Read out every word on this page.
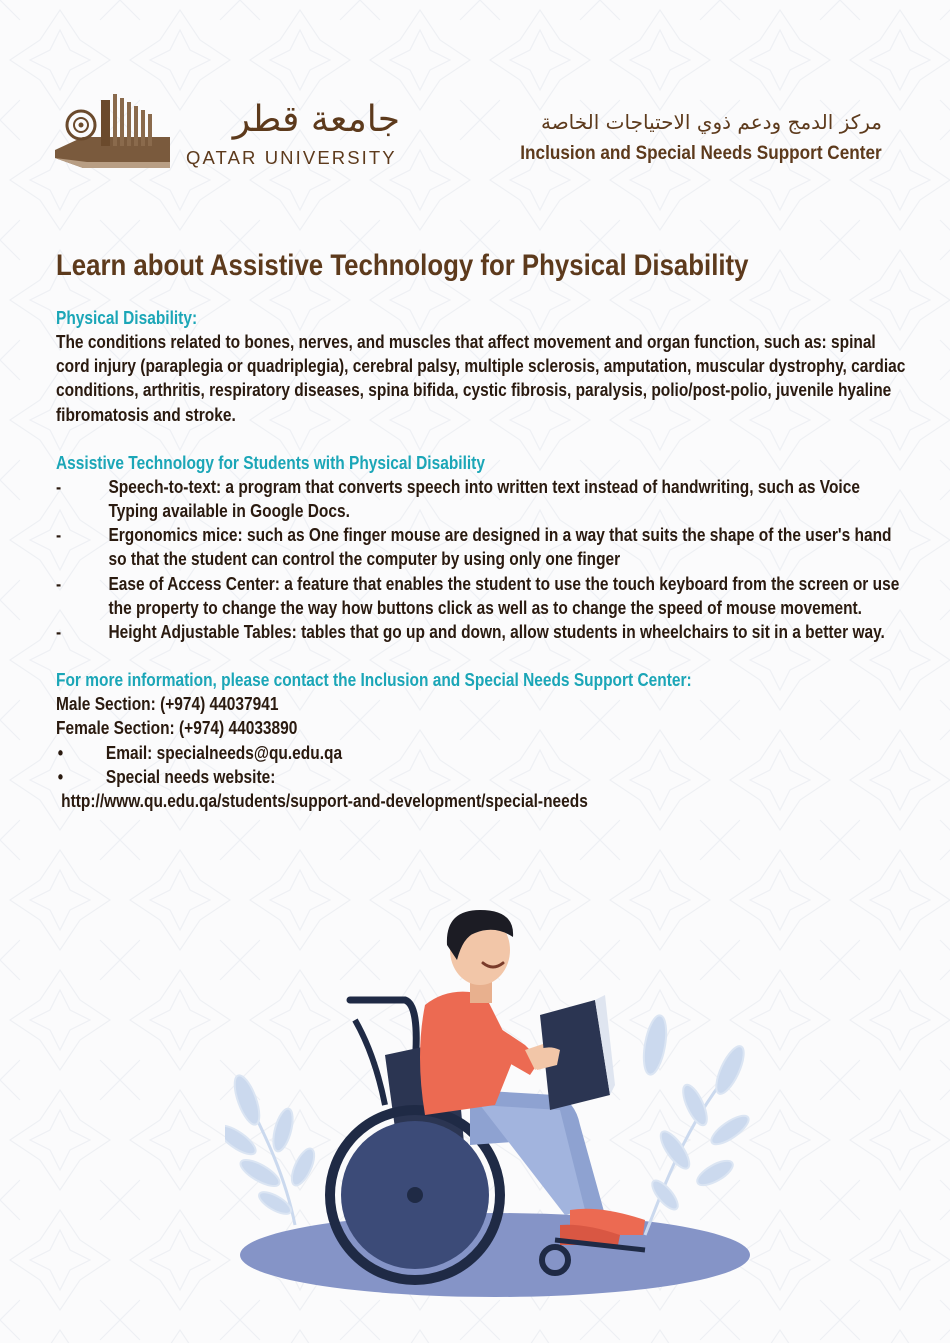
جامعة قطر
QATAR UNIVERSITY
مركز الدمج ودعم ذوي الاحتياجات الخاصة
Inclusion and Special Needs Support Center
Learn about Assistive Technology for Physical Disability
Physical Disability:
The conditions related to bones, nerves, and muscles that affect movement and organ function, such as: spinal cord injury (paraplegia or quadriplegia), cerebral palsy, multiple sclerosis, amputation, muscular dystrophy, cardiac conditions, arthritis, respiratory diseases, spina bifida, cystic fibrosis, paralysis, polio/post-polio, juvenile hyaline fibromatosis and stroke.
Assistive Technology for Students with Physical Disability
-	Speech-to-text: a program that converts speech into written text instead of handwriting, such as Voice Typing available in Google Docs.
-	Ergonomics mice: such as One finger mouse are designed in a way that suits the shape of the user's hand so that the student can control the computer by using only one finger
-	Ease of Access Center: a feature that enables the student to use the touch keyboard from the screen or use the property to change the way how buttons click as well as to change the speed of mouse movement.
-	Height Adjustable Tables: tables that go up and down, allow students in wheelchairs to sit in a better way.
For more information, please contact the Inclusion and Special Needs Support Center:
Male Section: (+974) 44037941
Female Section: (+974) 44033890
• Email: specialneeds@qu.edu.qa
• Special needs website:
http://www.qu.edu.qa/students/support-and-development/special-needs
